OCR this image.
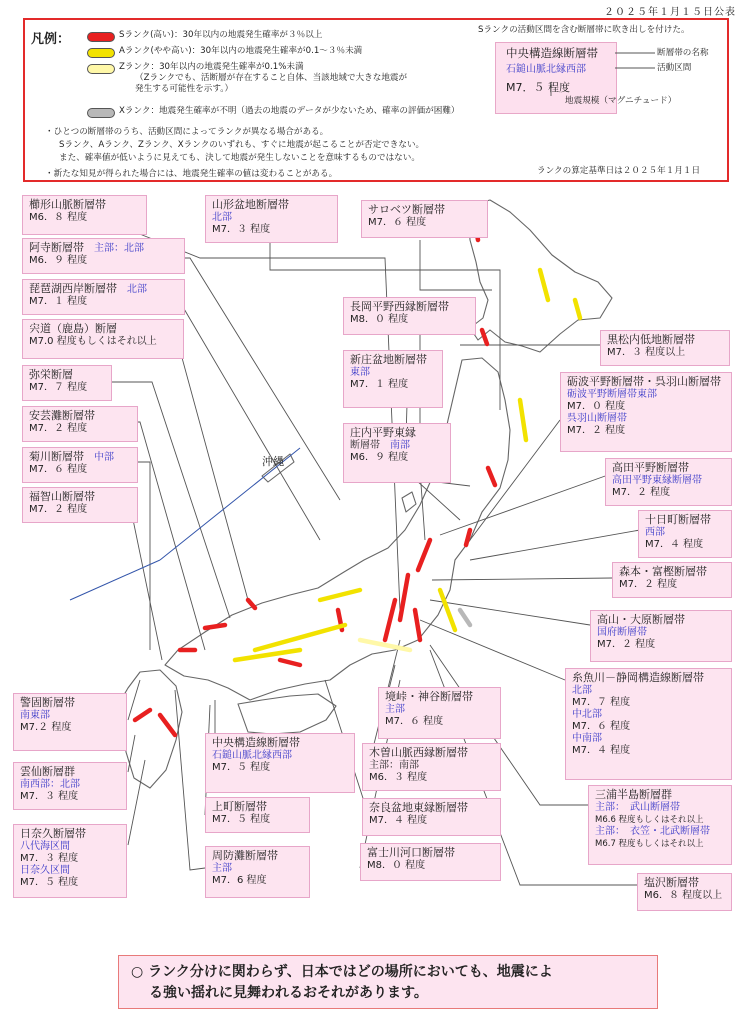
２０２５年１月１５日公表
凡例：	Sランク(高い)：30年以内の地震発生確率が３％以上
Aランク(やや高い)：30年以内の地震発生確率が0.1～３％未満
Zランク：30年以内の地震発生確率が0.1%未満
（Zランクでも、活断層が存在すること自体、当該地域で大きな地震が
発生する可能性を示す。）
Xランク：地震発生確率が不明（過去の地震のデータが少ないため、確率の評価が困難）
・ひとつの断層帯のうち、活動区間によってランクが異なる場合がある。
Sランク、Aランク、Zランク、Xランクのいずれも、すぐに地震が起こることが否定できない。
また、確率値が低いように見えても、決して地震が発生しないことを意味するものではない。
・新たな知見が得られた場合には、地震発生確率の値は変わることがある。
Sランクの活動区間を含む断層帯に吹き出しを付けた。
中央構造線断層帯
石鎚山脈北縁西部
M7．５ 程度
断層帯の名称
活動区間
地震規模（マグニチュード）
ランクの算定基準日は２０２５年１月１日
沖縄
櫛形山脈断層帯
M6．８ 程度
阿寺断層帯 主部：北部
M6．９ 程度
琵琶湖西岸断層帯 北部
M7．１ 程度
宍道（鹿島）断層
M7.0 程度もしくはそれ以上
弥栄断層
M7．７ 程度
安芸灘断層帯
M7．２ 程度
菊川断層帯 中部
M7．６ 程度
福智山断層帯
M7．２ 程度
山形盆地断層帯
北部
M7．３ 程度
サロベツ断層帯
M7．６ 程度
長岡平野西縁断層帯
M8．０ 程度
新庄盆地断層帯
東部
M7．１ 程度
庄内平野東縁
断層帯 南部
M6．９ 程度
黒松内低地断層帯
M7．３ 程度以上
砺波平野断層帯・呉羽山断層帯
砺波平野断層帯東部
M7．０ 程度
呉羽山断層帯
M7．２ 程度
高田平野断層帯
高田平野東縁断層帯
M7．２ 程度
十日町断層帯
西部
M7．４ 程度
森本・富樫断層帯
M7．２ 程度
高山・大原断層帯
国府断層帯
M7．２ 程度
糸魚川－静岡構造線断層帯
北部
M7．７ 程度
中北部
M7．６ 程度
中南部
M7．４ 程度
三浦半島断層群
主部：　武山断層帯
M6.6 程度もしくはそれ以上
主部：　衣笠・北武断層帯
M6.7 程度もしくはそれ以上
塩沢断層帯
M6．８ 程度以上
警固断層帯
南東部
M7.２ 程度
雲仙断層群
南西部：北部
M7．３ 程度
日奈久断層帯
八代海区間
M7．３ 程度
日奈久区間
M7．５ 程度
中央構造線断層帯
石鎚山脈北縁西部
M7．５ 程度
上町断層帯
M7．５ 程度
周防灘断層帯
主部
M7．6 程度
境峠・神谷断層帯
主部
M7．６ 程度
木曽山脈西縁断層帯
主部：南部
M6．３ 程度
奈良盆地東縁断層帯
M7．４ 程度
富士川河口断層帯
M8．０ 程度
○ ランク分けに関わらず、日本ではどの場所においても、地震によ
る強い揺れに見舞われるおそれがあります。
